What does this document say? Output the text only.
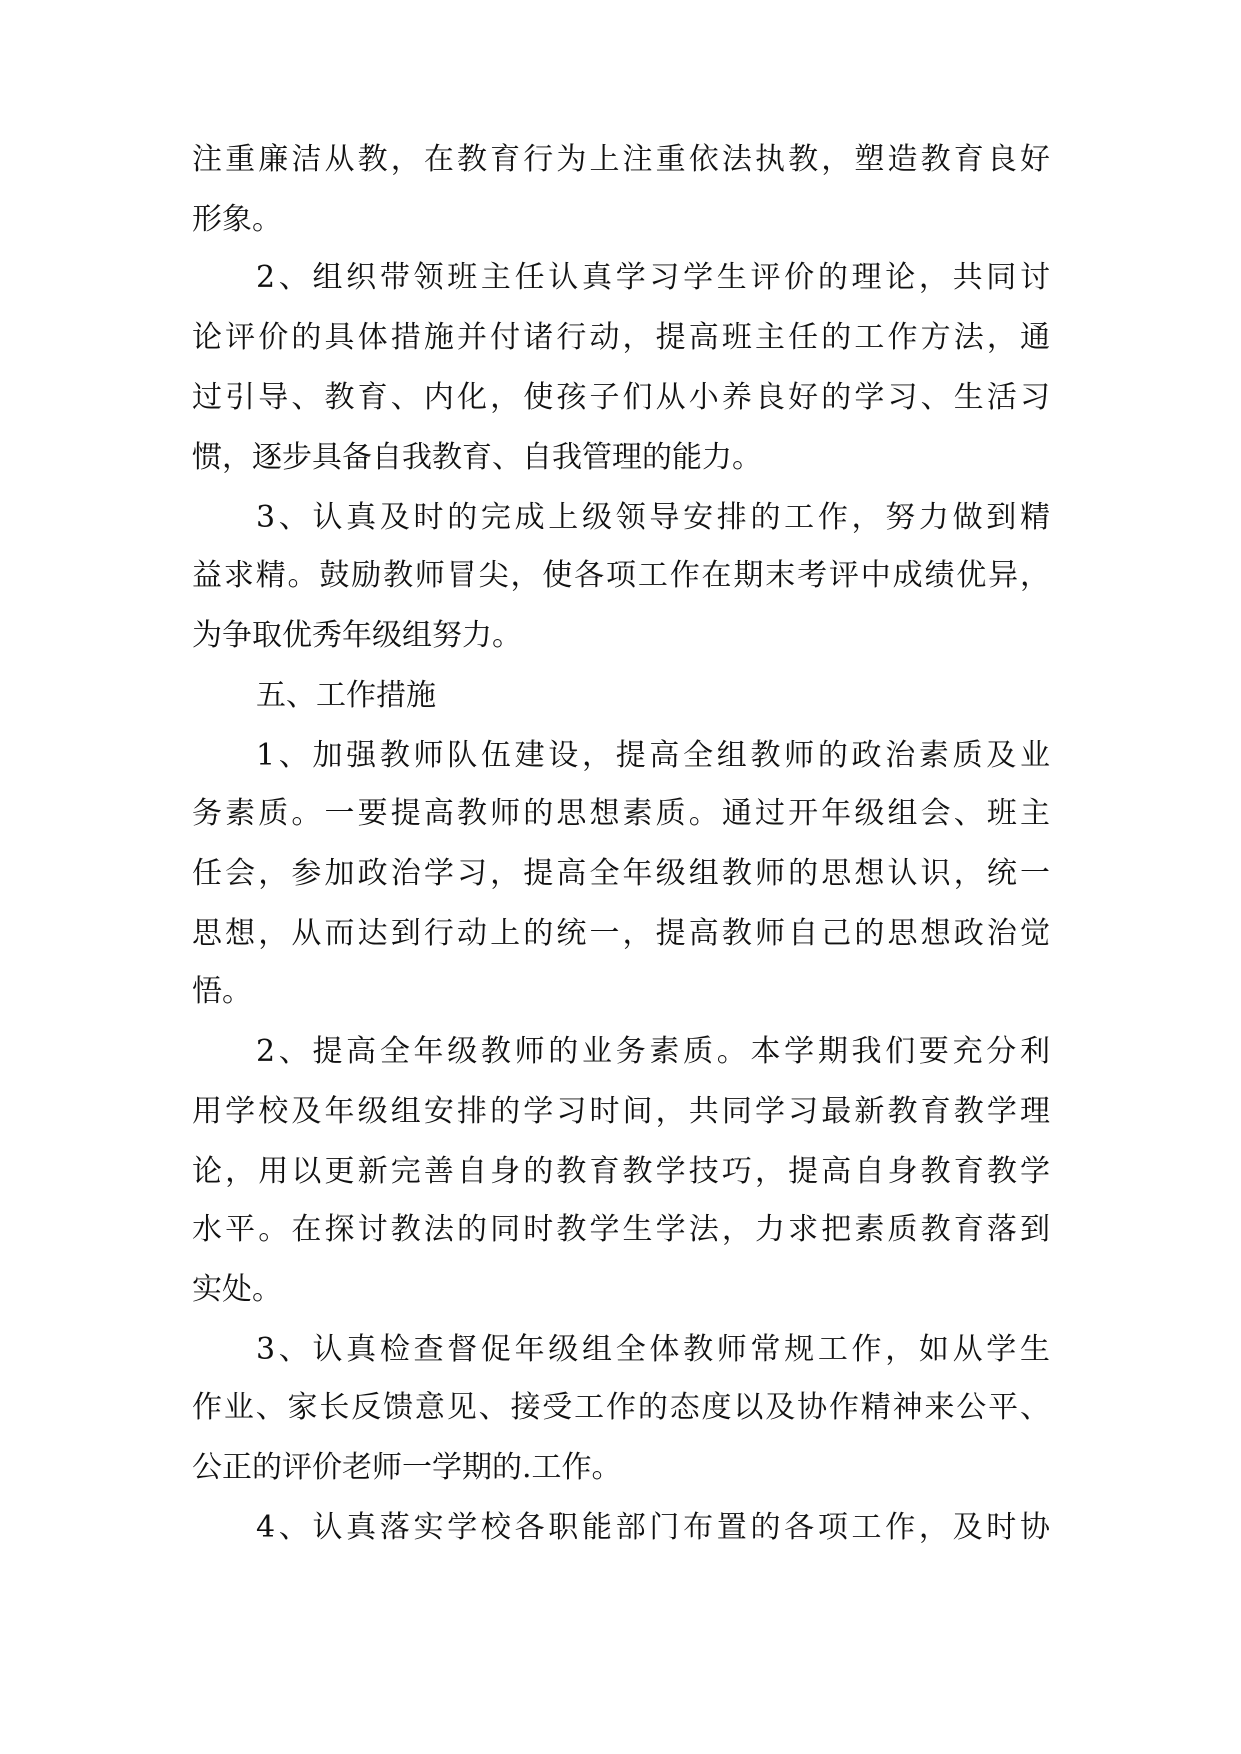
注重廉洁从教，在教育行为上注重依法执教，塑造教育良好
形象。
2、组织带领班主任认真学习学生评价的理论，共同讨
论评价的具体措施并付诸行动，提高班主任的工作方法，通
过引导、教育、内化，使孩子们从小养良好的学习、生活习
惯，逐步具备自我教育、自我管理的能力。
3、认真及时的完成上级领导安排的工作，努力做到精
益求精。鼓励教师冒尖，使各项工作在期末考评中成绩优异，
为争取优秀年级组努力。
五、工作措施
1、加强教师队伍建设，提高全组教师的政治素质及业
务素质。一要提高教师的思想素质。通过开年级组会、班主
任会，参加政治学习，提高全年级组教师的思想认识，统一
思想，从而达到行动上的统一，提高教师自己的思想政治觉
悟。
2、提高全年级教师的业务素质。本学期我们要充分利
用学校及年级组安排的学习时间，共同学习最新教育教学理
论，用以更新完善自身的教育教学技巧，提高自身教育教学
水平。在探讨教法的同时教学生学法，力求把素质教育落到
实处。
3、认真检查督促年级组全体教师常规工作，如从学生
作业、家长反馈意见、接受工作的态度以及协作精神来公平、
公正的评价老师一学期的.工作。
4、认真落实学校各职能部门布置的各项工作，及时协
